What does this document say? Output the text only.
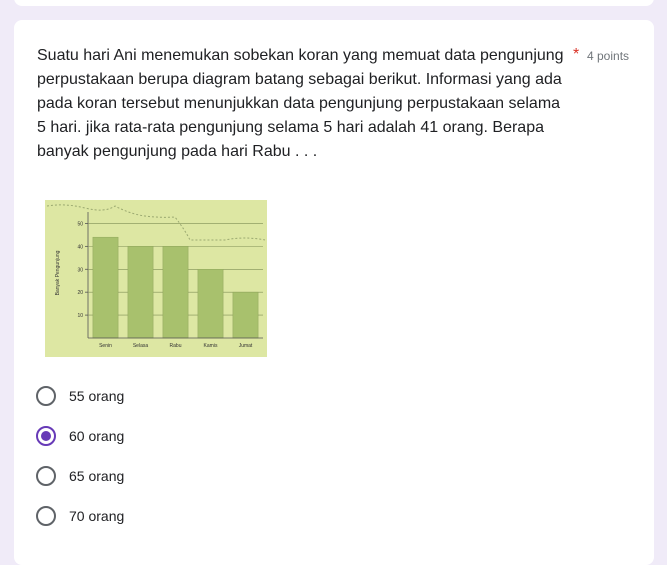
Suatu hari Ani menemukan sobekan koran yang memuat data pengunjung perpustakaan berupa diagram batang sebagai berikut. Informasi yang ada pada koran tersebut menunjukkan data pengunjung perpustakaan selama 5 hari. jika rata-rata pengunjung selama 5 hari adalah 41 orang. Berapa banyak pengunjung pada hari Rabu . . .

* 4 points
Banyak Pengunjung
10
20
30
40
50
Senin	Selasa	Rabu	Kamis	Jumat
55 orang
60 orang
65 orang
70 orang
